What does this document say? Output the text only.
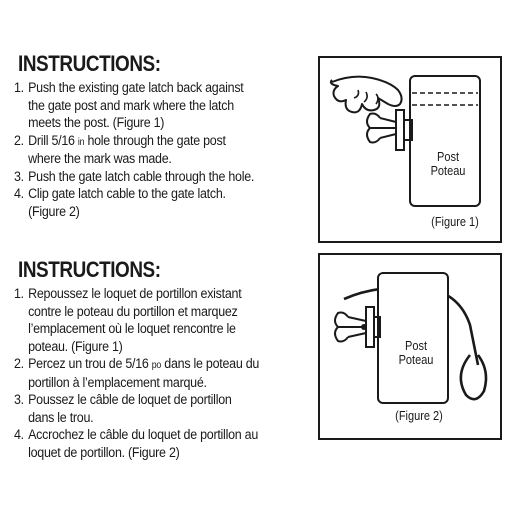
INSTRUCTIONS:
1. Push the existing gate latch back against
the gate post and mark where the latch
meets the post. (Figure 1)
2. Drill 5/16 in hole through the gate post
where the mark was made.
3. Push the gate latch cable through the hole.
4. Clip gate latch cable to the gate latch.
(Figure 2)
INSTRUCTIONS:
1. Repoussez le loquet de portillon existant
contre le poteau du portillon et marquez
l’emplacement où le loquet rencontre le
poteau. (Figure 1)
2. Percez un trou de 5/16 po dans le poteau du
portillon à l’emplacement marqué.
3. Poussez le câble de loquet de portillon
dans le trou.
4. Accrochez le câble du loquet de portillon au
loquet de portillon. (Figure 2)
Post
Poteau
(Figure 1)
Post
Poteau
(Figure 2)
